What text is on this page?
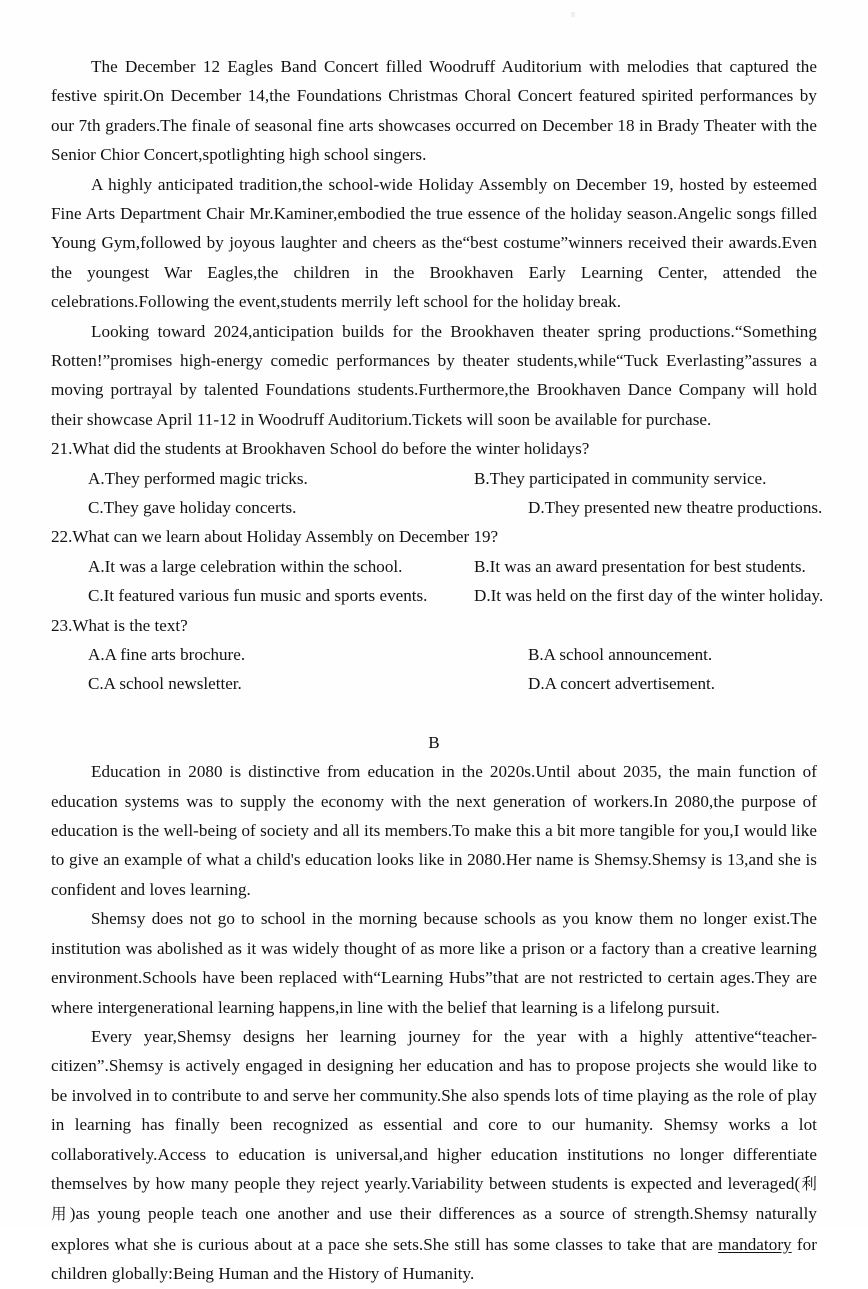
The December 12 Eagles Band Concert filled Woodruff Auditorium with melodies that captured the festive spirit.On December 14,the Foundations Christmas Choral Concert featured spirited performances by our 7th graders.The finale of seasonal fine arts showcases occurred on December 18 in Brady Theater with the Senior Chior Concert,spotlighting high school singers.

A highly anticipated tradition,the school-wide Holiday Assembly on December 19, hosted by esteemed Fine Arts Department Chair Mr.Kaminer,embodied the true essence of the holiday season.Angelic songs filled Young Gym,followed by joyous laughter and cheers as the“best costume”winners received their awards.Even the youngest War Eagles,the children in the Brookhaven Early Learning Center, attended the celebrations.Following the event,students merrily left school for the holiday break.

Looking toward 2024,anticipation builds for the Brookhaven theater spring productions.“Something Rotten!”promises high-energy comedic performances by theater students,while“Tuck Everlasting”assures a moving portrayal by talented Foundations students.Furthermore,the Brookhaven Dance Company will hold their showcase April 11-12 in Woodruff Auditorium.Tickets will soon be available for purchase.

21.What did the students at Brookhaven School do before the winter holidays?
A.They performed magic tricks.	B.They participated in community service.
C.They gave holiday concerts.	D.They presented new theatre productions.
22.What can we learn about Holiday Assembly on December 19?
A.It was a large celebration within the school.	B.It was an award presentation for best students.
C.It featured various fun music and sports events.	D.It was held on the first day of the winter holiday.
23.What is the text?
A.A fine arts brochure.	B.A school announcement.
C.A school newsletter.	D.A concert advertisement.

B

Education in 2080 is distinctive from education in the 2020s.Until about 2035, the main function of education systems was to supply the economy with the next generation of workers.In 2080,the purpose of education is the well-being of society and all its members.To make this a bit more tangible for you,I would like to give an example of what a child's education looks like in 2080.Her name is Shemsy.Shemsy is 13,and she is confident and loves learning.

Shemsy does not go to school in the morning because schools as you know them no longer exist.The institution was abolished as it was widely thought of as more like a prison or a factory than a creative learning environment.Schools have been replaced with“Learning Hubs”that are not restricted to certain ages.They are where intergenerational learning happens,in line with the belief that learning is a lifelong pursuit.

Every year,Shemsy designs her learning journey for the year with a highly attentive“teacher-citizen”.Shemsy is actively engaged in designing her education and has to propose projects she would like to be involved in to contribute to and serve her community.She also spends lots of time playing as the role of play in learning has finally been recognized as essential and core to our humanity. Shemsy works a lot collaboratively.Access to education is universal,and higher education institutions no longer differentiate themselves by how many people they reject yearly.Variability between students is expected and leveraged(利用)as young people teach one another and use their differences as a source of strength.Shemsy naturally explores what she is curious about at a pace she sets.She still has some classes to take that are mandatory for children globally:Being Human and the History of Humanity.
